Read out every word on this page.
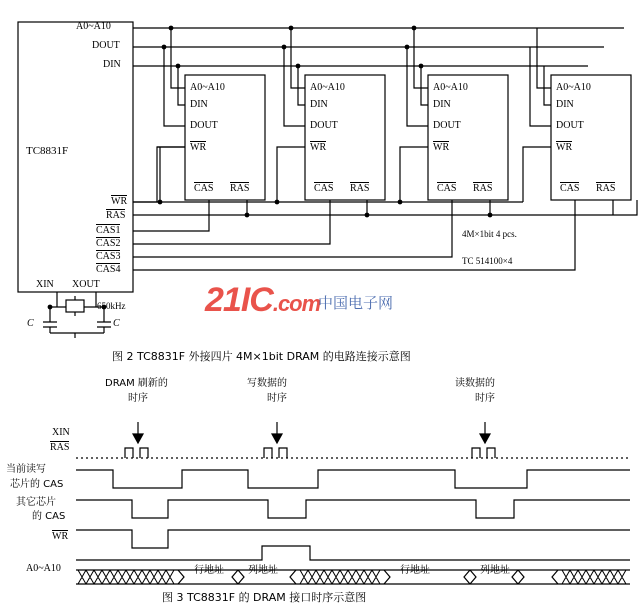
A0~A10
DOUT
DIN
TC8831F
WR
RAS
CAS1
CAS2
CAS3
CAS4
XIN XOUT
650kHz
C	C
4M×1bit 4 pcs.
TC 514100×4
A0~A10
DIN
DOUT
WR
CAS RAS
A0~A10
DIN
DOUT
WR
CAS RAS
A0~A10
DIN
DOUT
WR
CAS RAS
A0~A10
DIN
DOUT
WR
CAS RAS
21IC.com
中国电子网
图 2 TC8831F 外接四片 4M×1bit DRAM 的电路连接示意图
DRAM 刷新的
时序
写数据的
时序
读数据的
时序
XIN
RAS
当前读写
芯片的 CAS
其它芯片
的 CAS
WR
A0~A10	行地址 列地址	行地址	列地址
图 3 TC8831F 的 DRAM 接口时序示意图
